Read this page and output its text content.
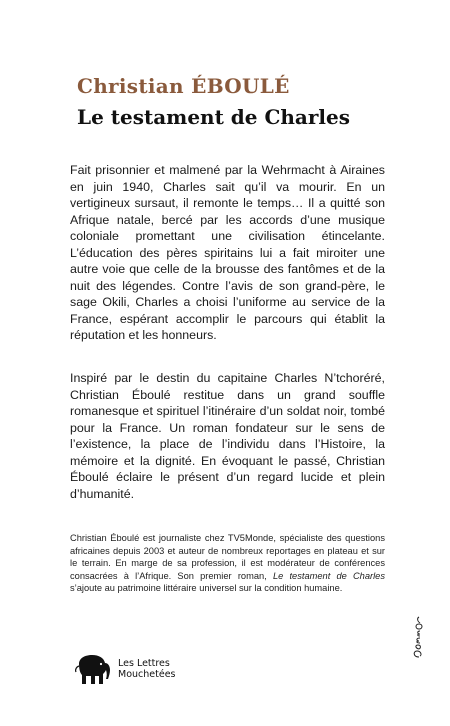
Christian ÉBOULÉ
Le testament de Charles

Fait prisonnier et malmené par la Wehrmacht à Airaines en juin 1940, Charles sait qu’il va mourir. En un vertigineux sursaut, il remonte le temps… Il a quitté son Afrique natale, bercé par les accords d’une musique coloniale promettant une civilisation étincelante. L’éducation des pères spiritains lui a fait miroiter une autre voie que celle de la brousse des fantômes et de la nuit des légendes. Contre l’avis de son grand-père, le sage Okili, Charles a choisi l’uniforme au service de la France, espérant accomplir le parcours qui établit la réputation et les honneurs.

Inspiré par le destin du capitaine Charles N’tchoréré, Christian Éboulé restitue dans un grand souffle romanesque et spirituel l’itinéraire d’un soldat noir, tombé pour la France. Un roman fondateur sur le sens de l’existence, la place de l’individu dans l’Histoire, la mémoire et la dignité. En évoquant le passé, Christian Éboulé éclaire le présent d’un regard lucide et plein d’humanité.

Christian Éboulé est journaliste chez TV5Monde, spécialiste des questions africaines depuis 2003 et auteur de nombreux reportages en plateau et sur le terrain. En marge de sa profession, il est modérateur de conférences consacrées à l’Afrique. Son premier roman, Le testament de Charles s’ajoute au patrimoine littéraire universel sur la condition humaine.

Les Lettres
Mouchetées
